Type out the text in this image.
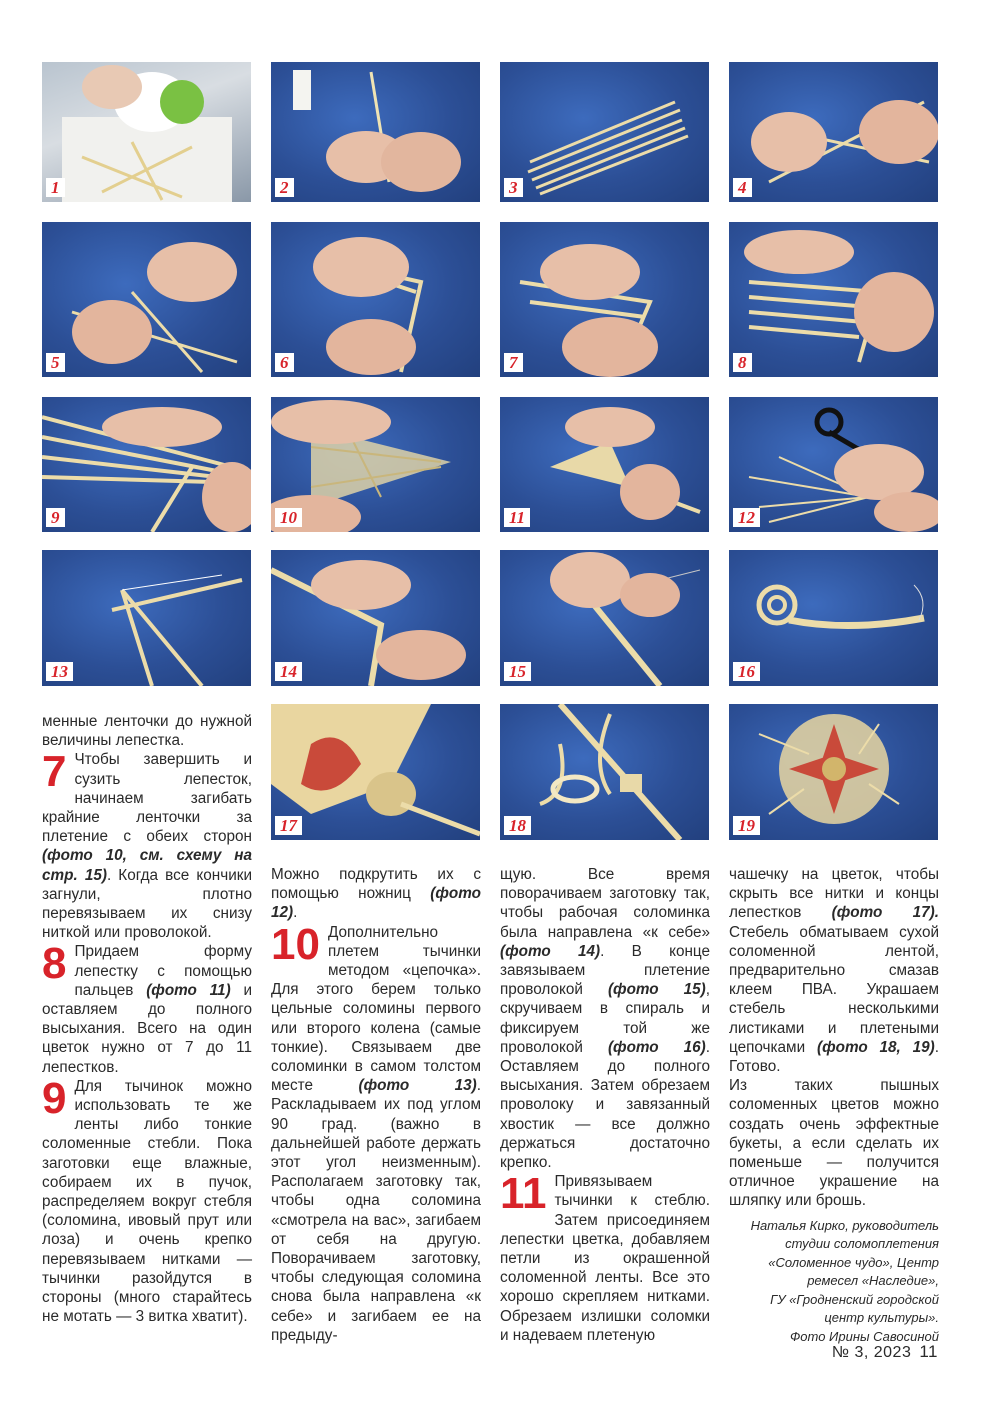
1	2	3	4
5	6	7	8
9	10	11	12
13	14	15	16
17	18	19

менные ленточки до нужной величины лепестка.

7 Чтобы завершить и сузить лепесток, начинаем загибать крайние ленточки за плетение с обеих сторон (фото 10, см. схему на стр. 15). Когда все кончики загнули, плотно перевязываем их снизу ниткой или проволокой.

8 Придаем форму лепестку с помощью пальцев (фото 11) и оставляем до полного высыхания. Всего на один цветок нужно от 7 до 11 лепестков.

9 Для тычинок можно использовать те же ленты либо тонкие соломенные стебли. Пока заготовки еще влажные, собираем их в пучок, распределяем вокруг стебля (соломина, ивовый прут или лоза) и очень крепко перевязываем нитками — тычинки разойдутся в стороны (много старайтесь не мотать — 3 витка хватит).

Можно подкрутить их с помощью ножниц (фото 12).

10 Дополнительно плетем тычинки методом «цепочка». Для этого берем только цельные соломины первого или второго колена (самые тонкие). Связываем две соломинки в самом толстом месте (фото 13). Раскладываем их под углом 90 град. (важно в дальнейшей работе держать этот угол неизменным). Располагаем заготовку так, чтобы одна соломина «смотрела на вас», загибаем от себя на другую. Поворачиваем заготовку, чтобы следующая соломина снова была направлена «к себе» и загибаем ее на предыду-

щую. Все время поворачиваем заготовку так, чтобы рабочая соломинка была направлена «к себе» (фото 14). В конце завязываем плетение проволокой (фото 15), скручиваем в спираль и фиксируем той же проволокой (фото 16). Оставляем до полного высыхания. Затем обрезаем проволоку и завязанный хвостик — все должно держаться достаточно крепко.

11 Привязываем тычинки к стеблю. Затем присоединяем лепестки цветка, добавляем петли из окрашенной соломенной ленты. Все это хорошо скрепляем нитками. Обрезаем излишки соломки и надеваем плетеную

чашечку на цветок, чтобы скрыть все нитки и концы лепестков (фото 17). Стебель обматываем сухой соломенной лентой, предварительно смазав клеем ПВА. Украшаем стебель несколькими листиками и плетеными цепочками (фото 18, 19). Готово.

Из таких пышных соломенных цветов можно создать очень эффектные букеты, а если сделать их поменьше — получится отличное украшение на шляпку или брошь.

Наталья Кирко, руководитель
студии соломоплетения
«Соломенное чудо», Центр
ремесел «Наследие»,
ГУ «Гродненский городской
центр культуры».
Фото Ирины Савосиной
№ 3, 2023 11
